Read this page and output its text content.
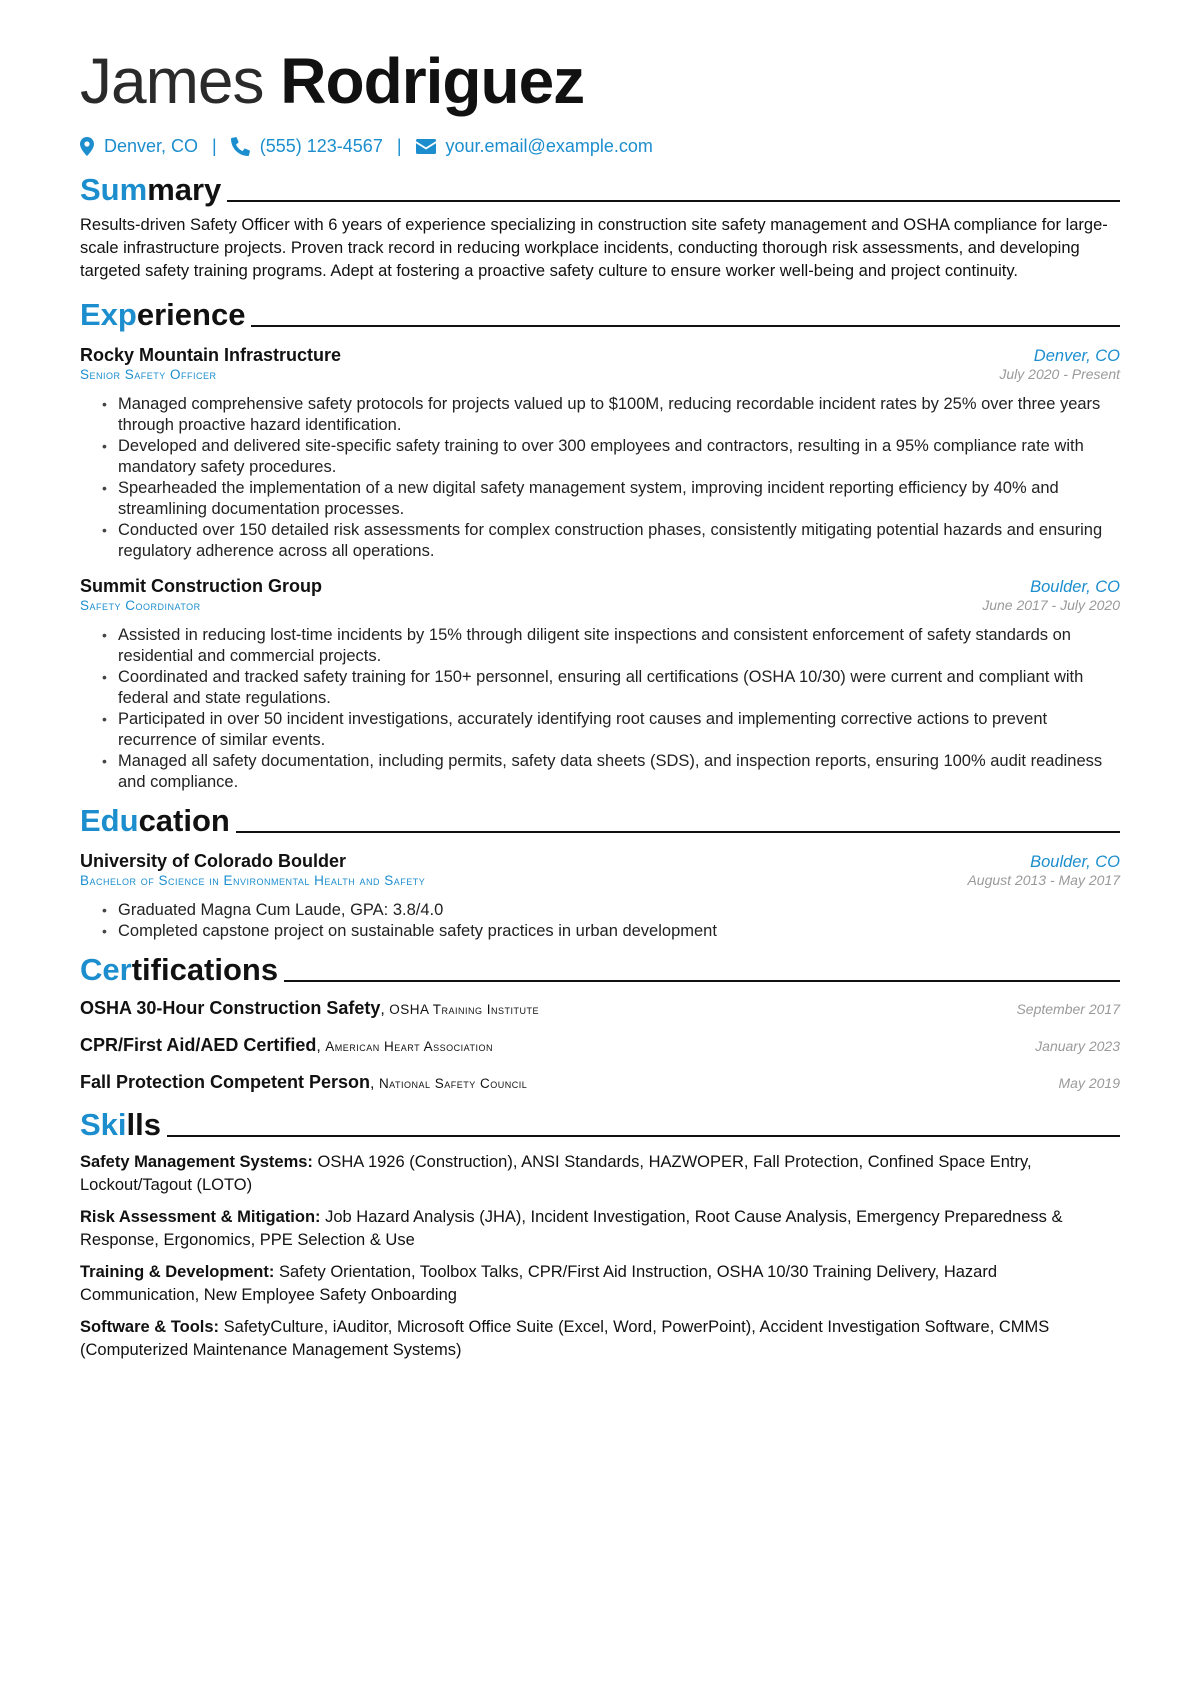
James Rodriguez
Denver, CO | (555) 123-4567 | your.email@example.com
Summary

Results-driven Safety Officer with 6 years of experience specializing in construction site safety management and OSHA compliance for large-scale infrastructure projects. Proven track record in reducing workplace incidents, conducting thorough risk assessments, and developing targeted safety training programs. Adept at fostering a proactive safety culture to ensure worker well-being and project continuity.

Experience
Rocky Mountain Infrastructure	Denver, CO
Senior Safety Officer	July 2020 - Present
• Managed comprehensive safety protocols for projects valued up to $100M, reducing recordable incident rates by 25% over three years through proactive hazard identification.
• Developed and delivered site-specific safety training to over 300 employees and contractors, resulting in a 95% compliance rate with mandatory safety procedures.
• Spearheaded the implementation of a new digital safety management system, improving incident reporting efficiency by 40% and streamlining documentation processes.
• Conducted over 150 detailed risk assessments for complex construction phases, consistently mitigating potential hazards and ensuring regulatory adherence across all operations.
Summit Construction Group	Boulder, CO
Safety Coordinator	June 2017 - July 2020
• Assisted in reducing lost-time incidents by 15% through diligent site inspections and consistent enforcement of safety standards on residential and commercial projects.
• Coordinated and tracked safety training for 150+ personnel, ensuring all certifications (OSHA 10/30) were current and compliant with federal and state regulations.
• Participated in over 50 incident investigations, accurately identifying root causes and implementing corrective actions to prevent recurrence of similar events.
• Managed all safety documentation, including permits, safety data sheets (SDS), and inspection reports, ensuring 100% audit readiness and compliance.
Education
University of Colorado Boulder	Boulder, CO
Bachelor of Science in Environmental Health and Safety	August 2013 - May 2017
• Graduated Magna Cum Laude, GPA: 3.8/4.0
• Completed capstone project on sustainable safety practices in urban development
Certifications
OSHA 30-Hour Construction Safety, OSHA Training Institute	September 2017
CPR/First Aid/AED Certified, American Heart Association	January 2023
Fall Protection Competent Person, National Safety Council	May 2019
Skills
Safety Management Systems: OSHA 1926 (Construction), ANSI Standards, HAZWOPER, Fall Protection, Confined Space Entry, Lockout/Tagout (LOTO)
Risk Assessment & Mitigation: Job Hazard Analysis (JHA), Incident Investigation, Root Cause Analysis, Emergency Preparedness & Response, Ergonomics, PPE Selection & Use
Training & Development: Safety Orientation, Toolbox Talks, CPR/First Aid Instruction, OSHA 10/30 Training Delivery, Hazard Communication, New Employee Safety Onboarding
Software & Tools: SafetyCulture, iAuditor, Microsoft Office Suite (Excel, Word, PowerPoint), Accident Investigation Software, CMMS (Computerized Maintenance Management Systems)
